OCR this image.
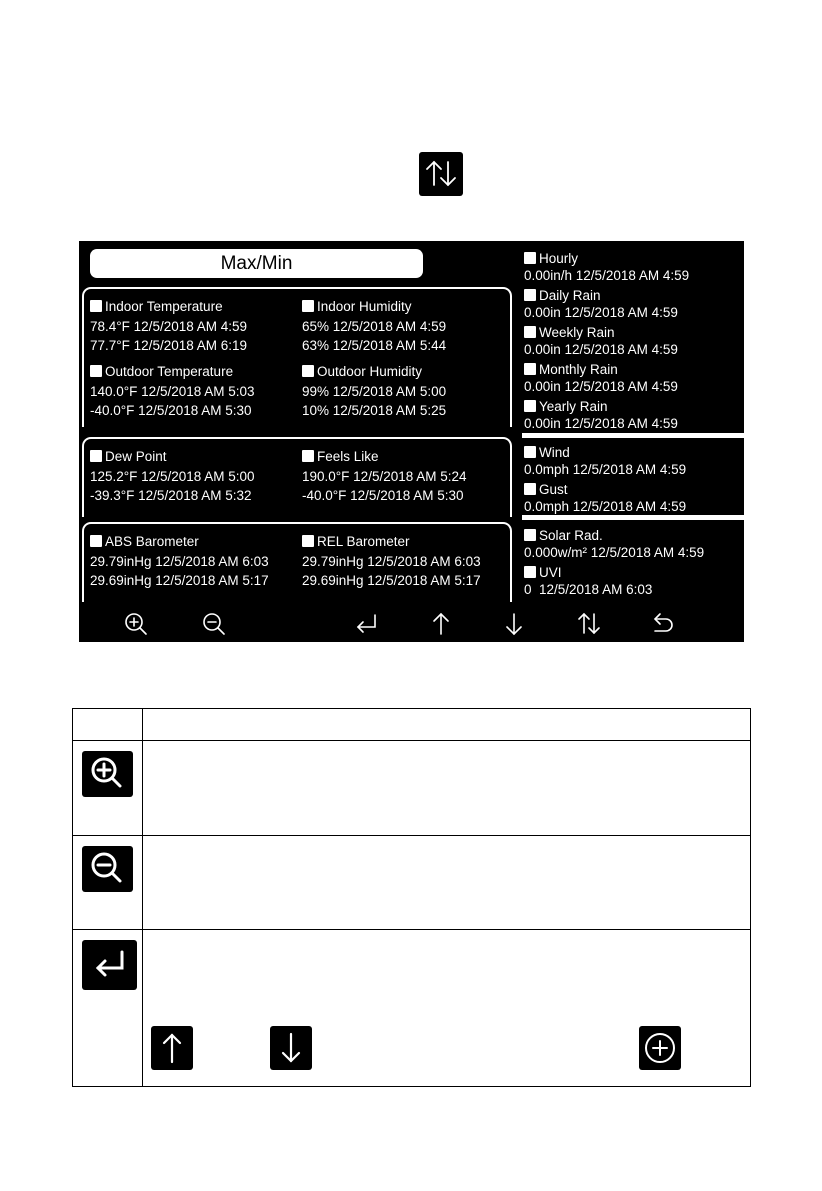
Max/Min
Indoor Temperature
78.4°F 12/5/2018 AM 4:59
77.7°F 12/5/2018 AM 6:19
Indoor Humidity
65% 12/5/2018 AM 4:59
63% 12/5/2018 AM 5:44
Outdoor Temperature
140.0°F 12/5/2018 AM 5:03
-40.0°F 12/5/2018 AM 5:30
Outdoor Humidity
99% 12/5/2018 AM 5:00
10% 12/5/2018 AM 5:25
Dew Point
125.2°F 12/5/2018 AM 5:00
-39.3°F 12/5/2018 AM 5:32
Feels Like
190.0°F 12/5/2018 AM 5:24
-40.0°F 12/5/2018 AM 5:30
ABS Barometer
29.79inHg 12/5/2018 AM 6:03
29.69inHg 12/5/2018 AM 5:17
REL Barometer
29.79inHg 12/5/2018 AM 6:03
29.69inHg 12/5/2018 AM 5:17
Hourly
0.00in/h 12/5/2018 AM 4:59
Daily Rain
0.00in 12/5/2018 AM 4:59
Weekly Rain
0.00in 12/5/2018 AM 4:59
Monthly Rain
0.00in 12/5/2018 AM 4:59
Yearly Rain
0.00in 12/5/2018 AM 4:59
Wind
0.0mph 12/5/2018 AM 4:59
Gust
0.0mph 12/5/2018 AM 4:59
Solar Rad.
0.000w/m² 12/5/2018 AM 4:59
UVI
0  12/5/2018 AM 6:03
